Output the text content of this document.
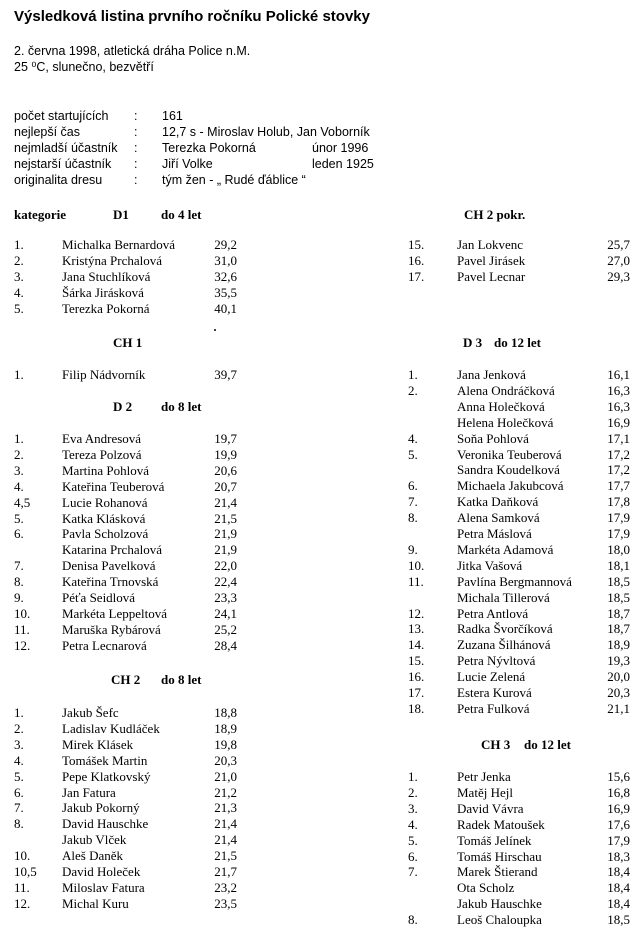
Výsledková listina prvního ročníku Polické stovky
2. června 1998, atletická dráha Police n.M.
25 ⁰C, slunečno, bezvětří
počet startujících : 161
nejlepší čas	: 12,7 s - Miroslav Holub, Jan Voborník
nejmladší účastník : Terezka Pokorná	únor 1996
nejstarší účastník : Jiří Volke	leden 1925
originalita dresu	: tým žen - „ Rudé ďáblice “
kategorie	D1 do 4 let
CH 1
D 2 do 8 let
CH 2 do 8 let
CH 2 pokr.
D 3 do 12 let
CH 3 do 12 let
1.	Michalka Bernardová	29,2
2.	Kristýna Prchalová	31,0
3.	Jana Stuchlíková	32,6
4.	Šárka Jirásková	35,5
5.	Terezka Pokorná	40,1
1.	Filip Nádvorník	39,7
1.	Eva Andresová	19,7
2.	Tereza Polzová	19,9
3.	Martina Pohlová	20,6
4.	Kateřina Teuberová	20,7
4,5 Lucie Rohanová	21,4
5.	Katka Klásková	21,5
6.	Pavla Scholzová	21,9
Katarina Prchalová	21,9
7.	Denisa Pavelková	22,0
8.	Kateřina Trnovská	22,4
9.	Péťa Seidlová	23,3
10. Markéta Leppeltová	24,1
11. Maruška Rybárová	25,2
12. Petra Lecnarová	28,4
1.	Jakub Šefc	18,8
2.	Ladislav Kudláček	18,9
3.	Mirek Klásek	19,8
4.	Tomášek Martin	20,3
5.	Pepe Klatkovský	21,0
6.	Jan Fatura	21,2
7.	Jakub Pokorný	21,3
8.	David Hauschke	21,4
Jakub Vlček	21,4
10. Aleš Daněk	21,5
10,5 David Holeček	21,7
11. Miloslav Fatura	23,2
12. Michal Kuru	23,5
15.	Jan Lokvenc	25,7
16.	Pavel Jirásek	27,0
17.	Pavel Lecnar	29,3
1.	Jana Jenková	16,1
2.	Alena Ondráčková	16,3
Anna Holečková	16,3
Helena Holečková	16,9
4.	Soňa Pohlová	17,1
5.	Veronika Teuberová	17,2
Sandra Koudelková	17,2
6.	Michaela Jakubcová	17,7
7.	Katka Daňková	17,8
8.	Alena Samková	17,9
Petra Máslová	17,9
9.	Markéta Adamová	18,0
10.	Jitka Vašová	18,1
11.	Pavlína Bergmannová	18,5
Michala Tillerová	18,5
12.	Petra Antlová	18,7
13.	Radka Švorčíková	18,7
14.	Zuzana Šilhánová	18,9
15.	Petra Nývltová	19,3
16.	Lucie Zelená	20,0
17.	Estera Kurová	20,3
18.	Petra Fulková	21,1
1.	Petr Jenka	15,6
2.	Matěj Hejl	16,8
3.	David Vávra	16,9
4.	Radek Matoušek	17,6
5.	Tomáš Jelínek	17,9
6.	Tomáš Hirschau	18,3
7.	Marek Štierand	18,4
Ota Scholz	18,4
Jakub Hauschke	18,4
8.	Leoš Chaloupka	18,5
